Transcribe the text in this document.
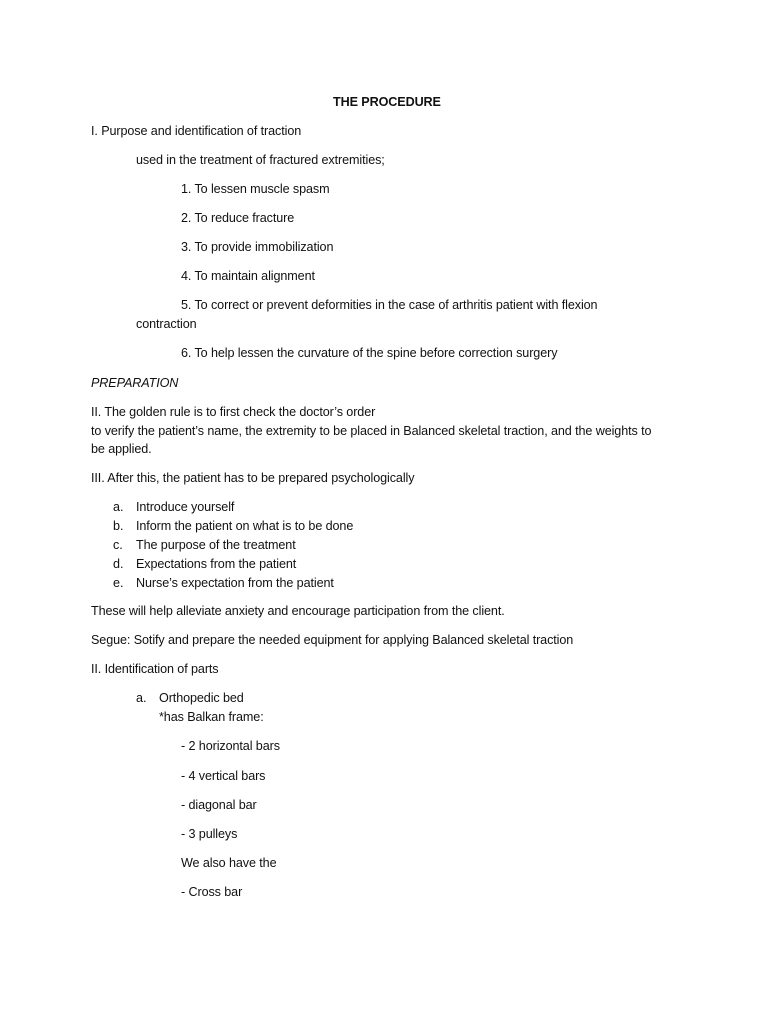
THE PROCEDURE
I. Purpose and identification of traction
used in the treatment of fractured extremities;
1. To lessen muscle spasm
2. To reduce fracture
3. To provide immobilization
4. To maintain alignment
5. To correct or prevent deformities in the case of arthritis patient with flexion
contraction
6. To help lessen the curvature of the spine before correction surgery
PREPARATION
II. The golden rule is to first check the doctor’s order
to verify the patient’s name, the extremity to be placed in Balanced skeletal traction, and the weights to
be applied.
III. After this, the patient has to be prepared psychologically
a. Introduce yourself
b. Inform the patient on what is to be done
c. The purpose of the treatment
d. Expectations from the patient
e. Nurse’s expectation from the patient
These will help alleviate anxiety and encourage participation from the client.
Segue: Sotify and prepare the needed equipment for applying Balanced skeletal traction
II. Identification of parts
a. Orthopedic bed
*has Balkan frame:
- 2 horizontal bars
- 4 vertical bars
- diagonal bar
- 3 pulleys
We also have the
- Cross bar
